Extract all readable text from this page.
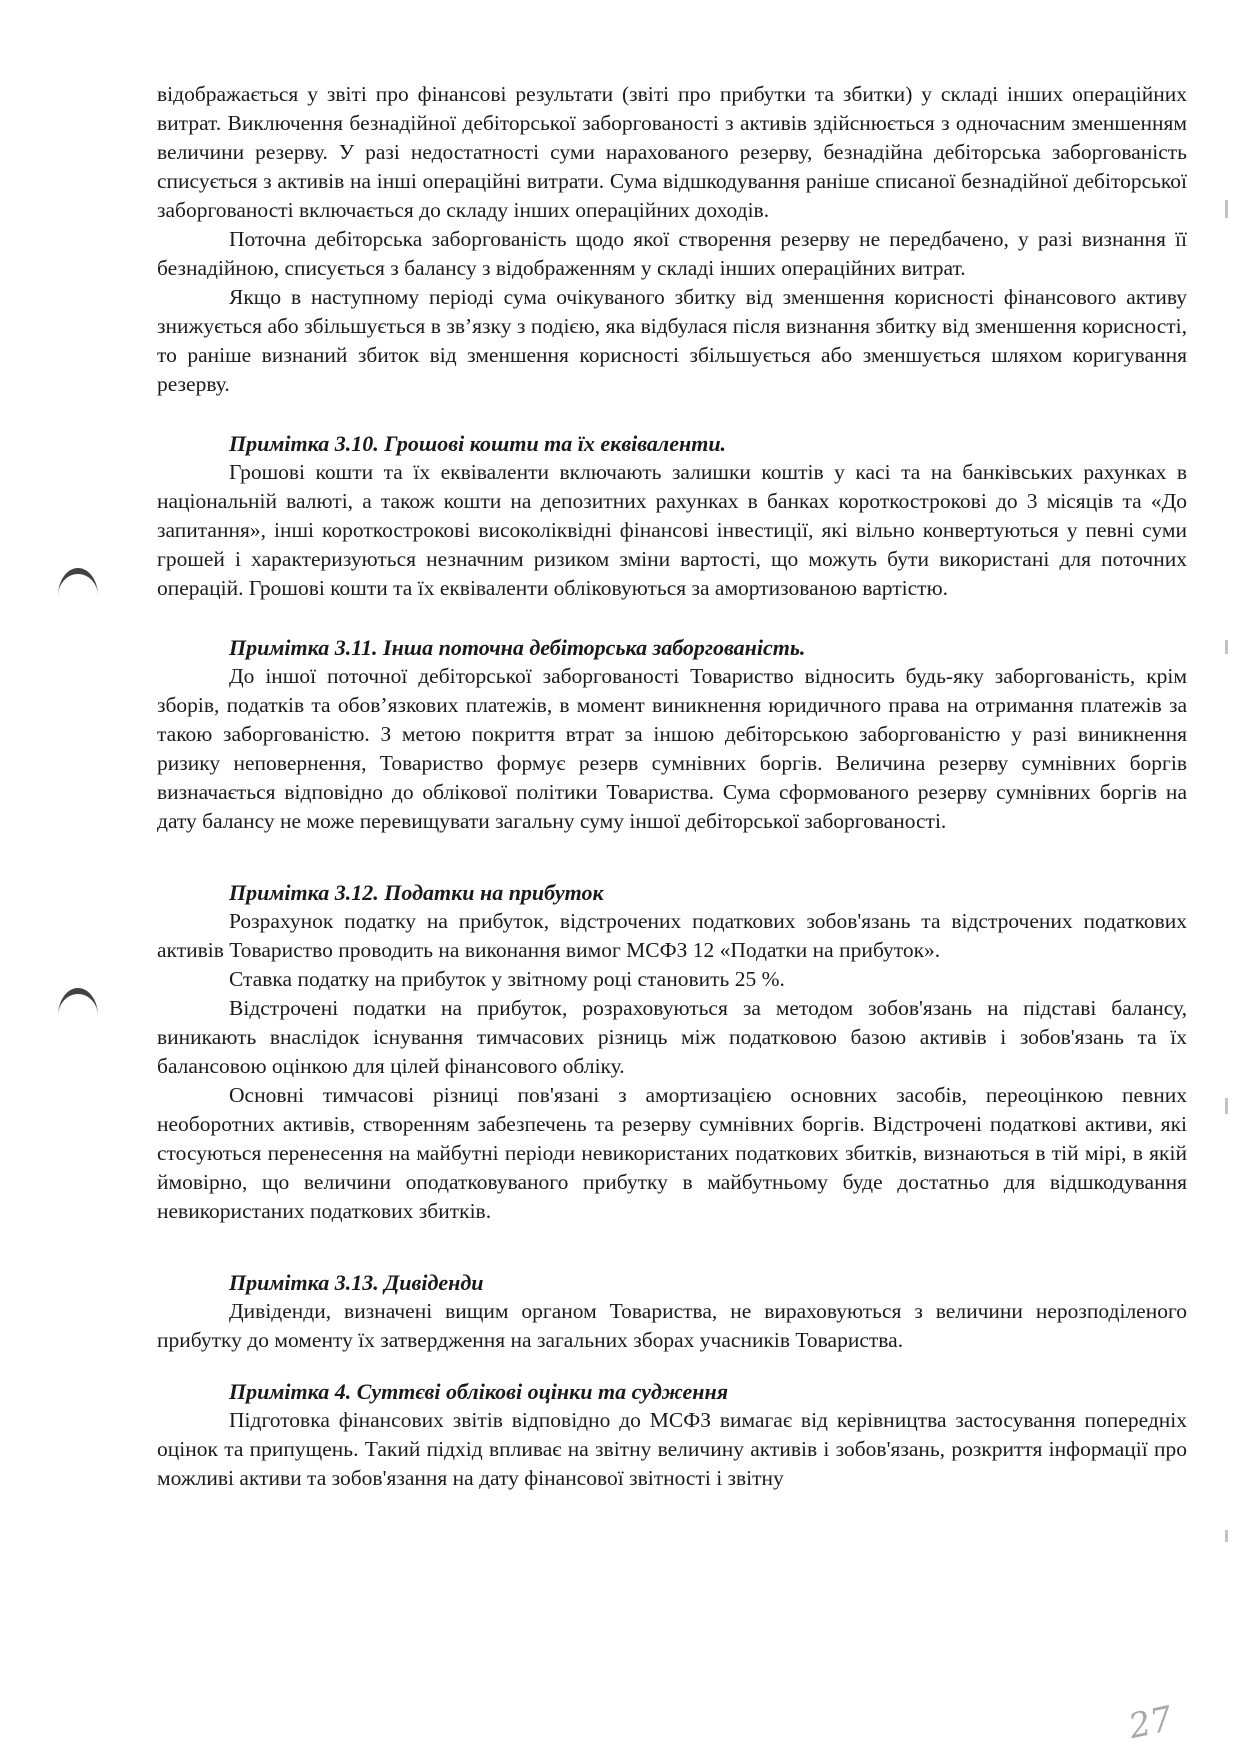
відображається у звіті про фінансові результати (звіті про прибутки та збитки) у складі інших операційних витрат. Виключення безнадійної дебіторської заборгованості з активів здійснюється з одночасним зменшенням величини резерву. У разі недостатності суми нарахованого резерву, безнадійна дебіторська заборгованість списується з активів на інші операційні витрати. Сума відшкодування раніше списаної безнадійної дебіторської заборгованості включається до складу інших операційних доходів.

Поточна дебіторська заборгованість щодо якої створення резерву не передбачено, у разі визнання її безнадійною, списується з балансу з відображенням у складі інших операційних витрат.

Якщо в наступному періоді сума очікуваного збитку від зменшення корисності фінансового активу знижується або збільшується в зв’язку з подією, яка відбулася після визнання збитку від зменшення корисності, то раніше визнаний збиток від зменшення корисності збільшується або зменшується шляхом коригування резерву.

Примітка 3.10. Грошові кошти та їх еквіваленти.

Грошові кошти та їх еквіваленти включають залишки коштів у касі та на банківських рахунках в національній валюті, а також кошти на депозитних рахунках в банках короткострокові до 3 місяців та «До запитання», інші короткострокові високоліквідні фінансові інвестиції, які вільно конвертуються у певні суми грошей і характеризуються незначним ризиком зміни вартості, що можуть бути використані для поточних операцій. Грошові кошти та їх еквіваленти обліковуються за амортизованою вартістю.

Примітка 3.11. Інша поточна дебіторська заборгованість.

До іншої поточної дебіторської заборгованості Товариство відносить будь-яку заборгованість, крім зборів, податків та обов’язкових платежів, в момент виникнення юридичного права на отримання платежів за такою заборгованістю. З метою покриття втрат за іншою дебіторською заборгованістю у разі виникнення ризику неповернення, Товариство формує резерв сумнівних боргів. Величина резерву сумнівних боргів визначається відповідно до облікової політики Товариства. Сума сформованого резерву сумнівних боргів на дату балансу не може перевищувати загальну суму іншої дебіторської заборгованості.

Примітка 3.12. Податки на прибуток

Розрахунок податку на прибуток, відстрочених податкових зобов'язань та відстрочених податкових активів Товариство проводить на виконання вимог МСФЗ 12 «Податки на прибуток».

Ставка податку на прибуток у звітному році становить 25 %.

Відстрочені податки на прибуток, розраховуються за методом зобов'язань на підставі балансу, виникають внаслідок існування тимчасових різниць між податковою базою активів і зобов'язань та їх балансовою оцінкою для цілей фінансового обліку.

Основні тимчасові різниці пов'язані з амортизацією основних засобів, переоцінкою певних необоротних активів, створенням забезпечень та резерву сумнівних боргів. Відстрочені податкові активи, які стосуються перенесення на майбутні періоди невикористаних податкових збитків, визнаються в тій мірі, в якій ймовірно, що величини оподатковуваного прибутку в майбутньому буде достатньо для відшкодування невикористаних податкових збитків.

Примітка 3.13. Дивіденди

Дивіденди, визначені вищим органом Товариства, не вираховуються з величини нерозподіленого прибутку до моменту їх затвердження на загальних зборах учасників Товариства.

Примітка 4. Суттєві облікові оцінки та судження

Підготовка фінансових звітів відповідно до МСФЗ вимагає від керівництва застосування попередніх оцінок та припущень. Такий підхід впливає на звітну величину активів і зобов'язань, розкриття інформації про можливі активи та зобов'язання на дату фінансової звітності і звітну

27
